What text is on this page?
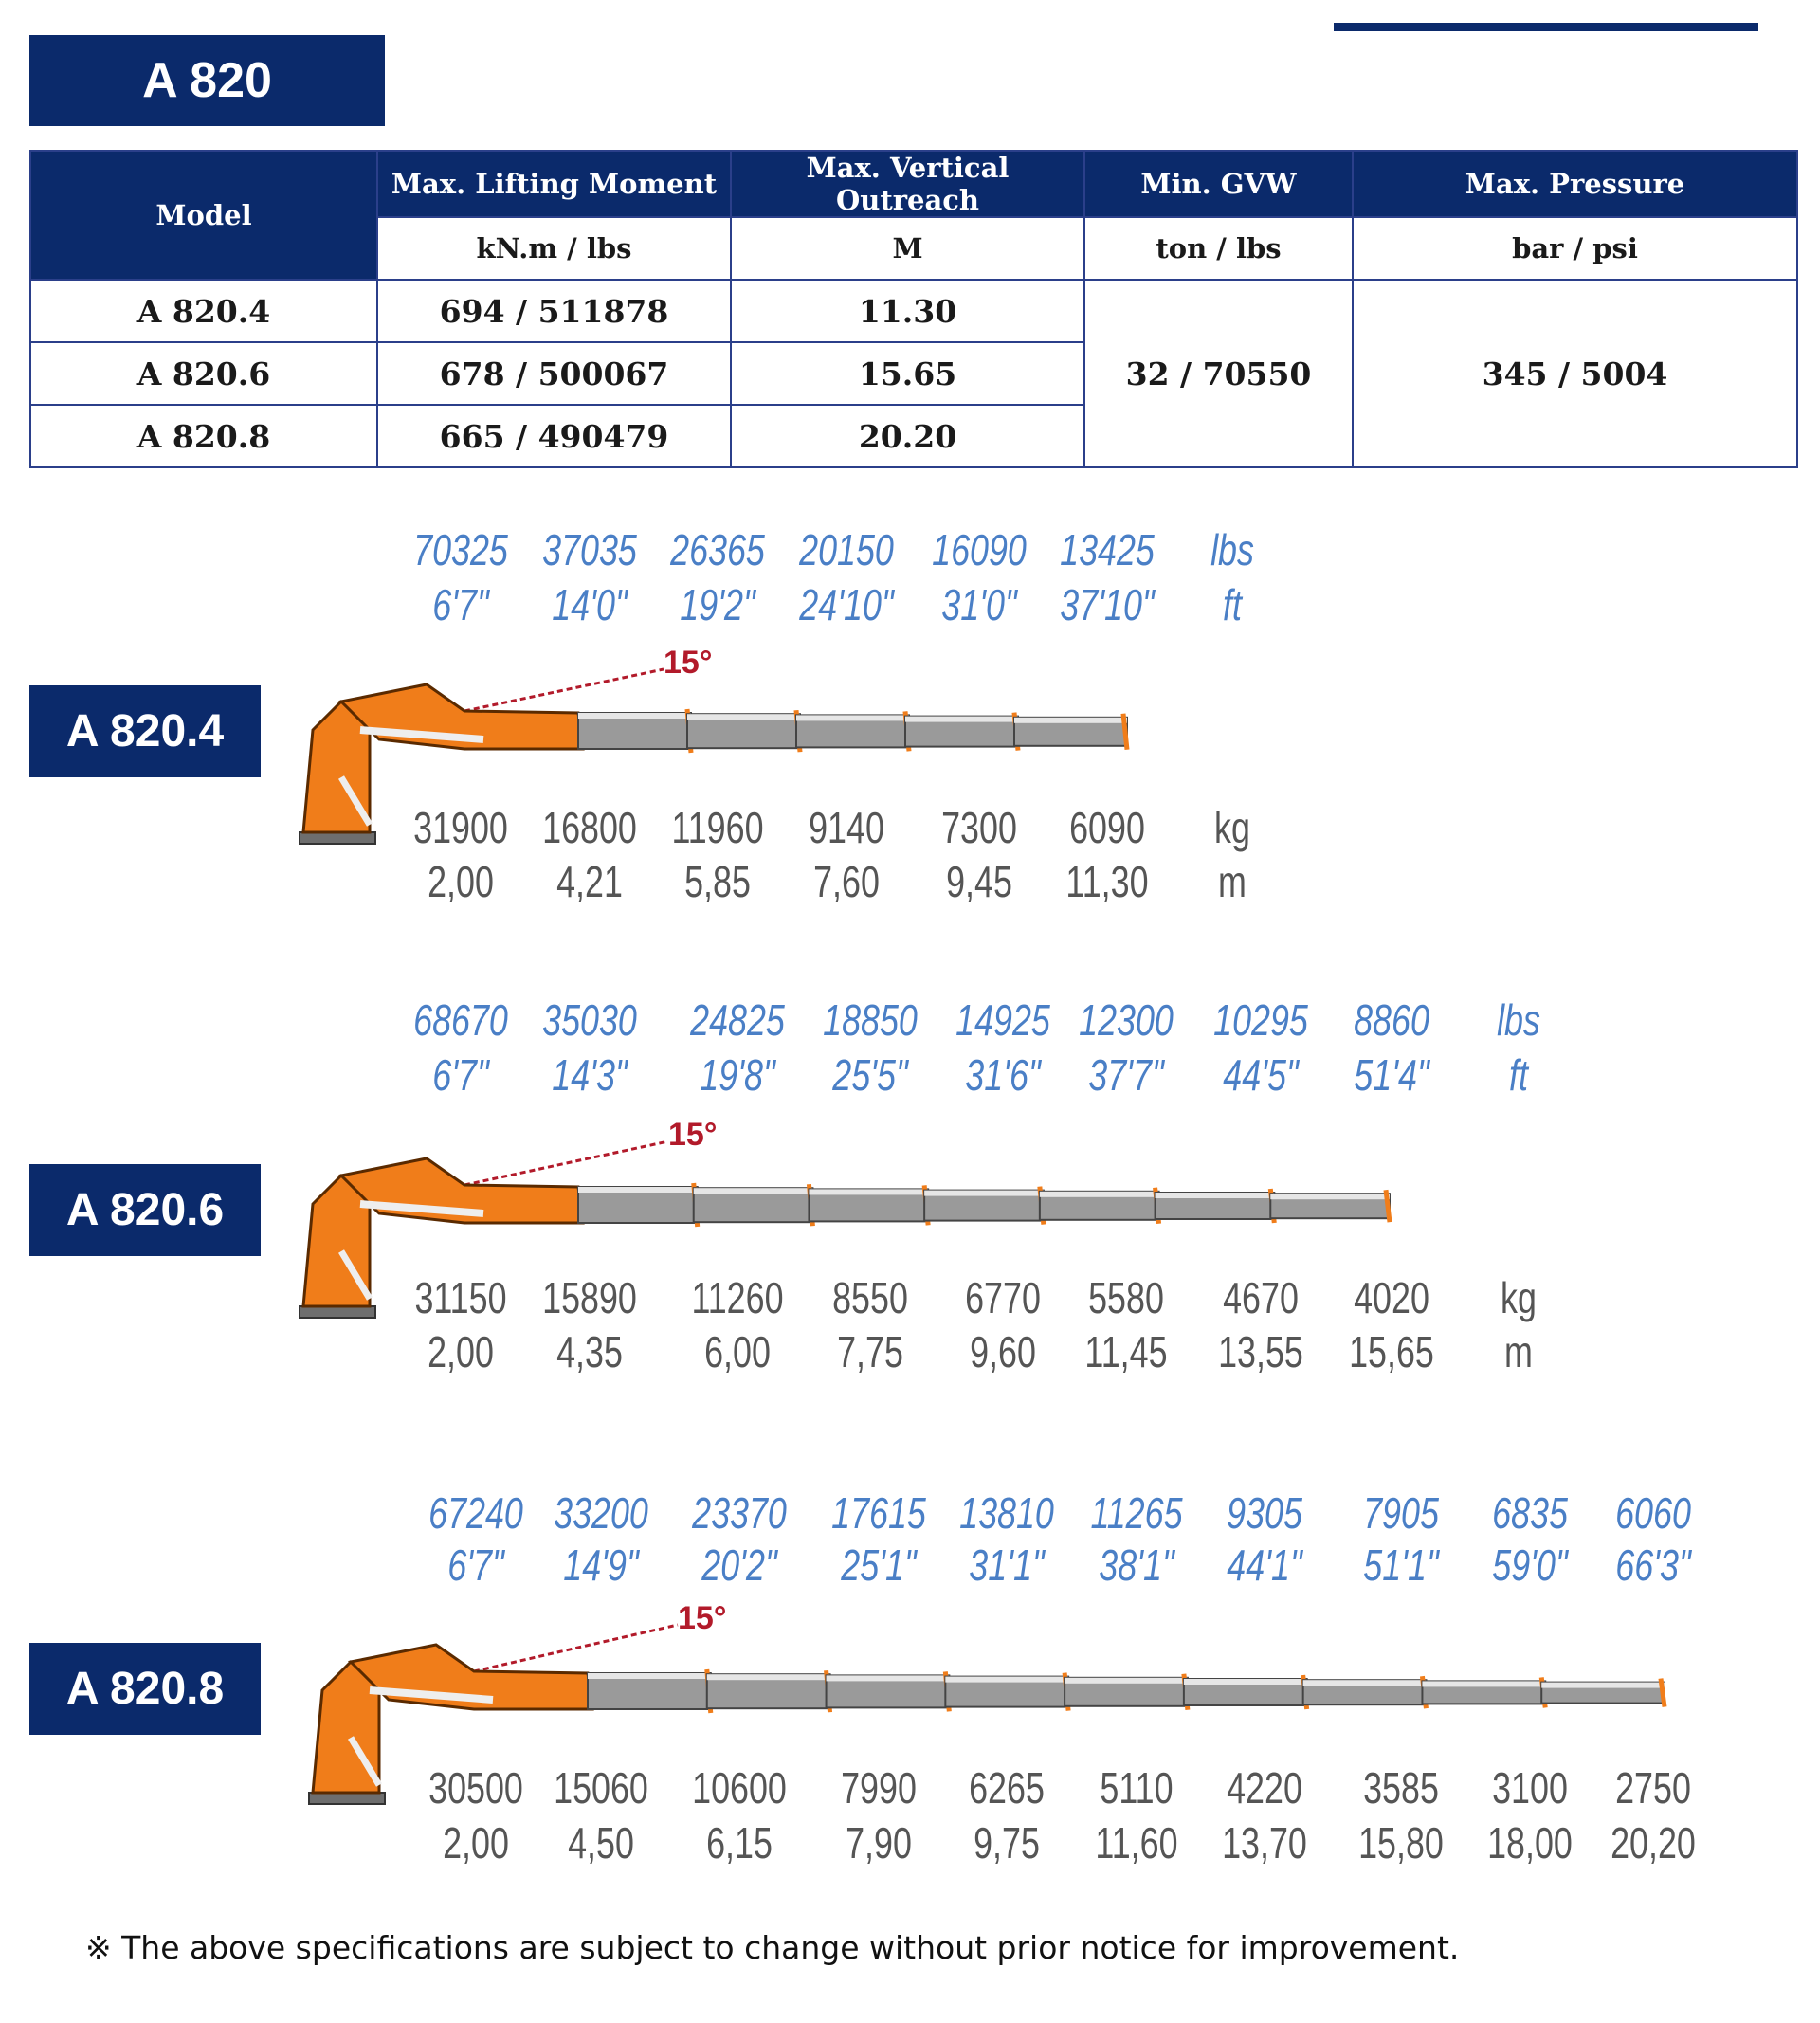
A 820
Model	Max. Lifting Moment	Max. Vertical Outreach	Min. GVW	Max. Pressure
	kN.m / lbs	M	ton / lbs	bar / psi
A 820.4	694 / 511878	11.30	32 / 70550	345 / 5004
A 820.6	678 / 500067	15.65		
A 820.8	665 / 490479	20.20		
※ The above specifications are subject to change without prior notice for improvement.
A 820.4
70325 37035 26365 20150 16090 13425
6'7" 14'0" 19'2" 24'10" 31'0" 37'10"
31900 16800 11960 9140 7300 6090
2,00 4,21 5,85 7,60 9,45 11,30
lbs
ft
kg
m
15°
A 820.6
68670 35030 24825 18850 14925 12300 10295 8860
6'7" 14'3" 19'8" 25'5" 31'6" 37'7" 44'5" 51'4"
31150 15890 11260 8550 6770 5580 4670 4020
2,00 4,35 6,00 7,75 9,60 11,45 13,55 15,65
lbs
ft
kg
m
15°
A 820.8
67240 33200 23370 17615 13810 11265 9305 7905 6835 6060
6'7" 14'9" 20'2" 25'1" 31'1" 38'1" 44'1" 51'1" 59'0" 66'3"
30500 15060 10600 7990 6265 5110 4220 3585 3100 2750
2,00 4,50 6,15 7,90 9,75 11,60 13,70 15,80 18,00 20,20
15°
